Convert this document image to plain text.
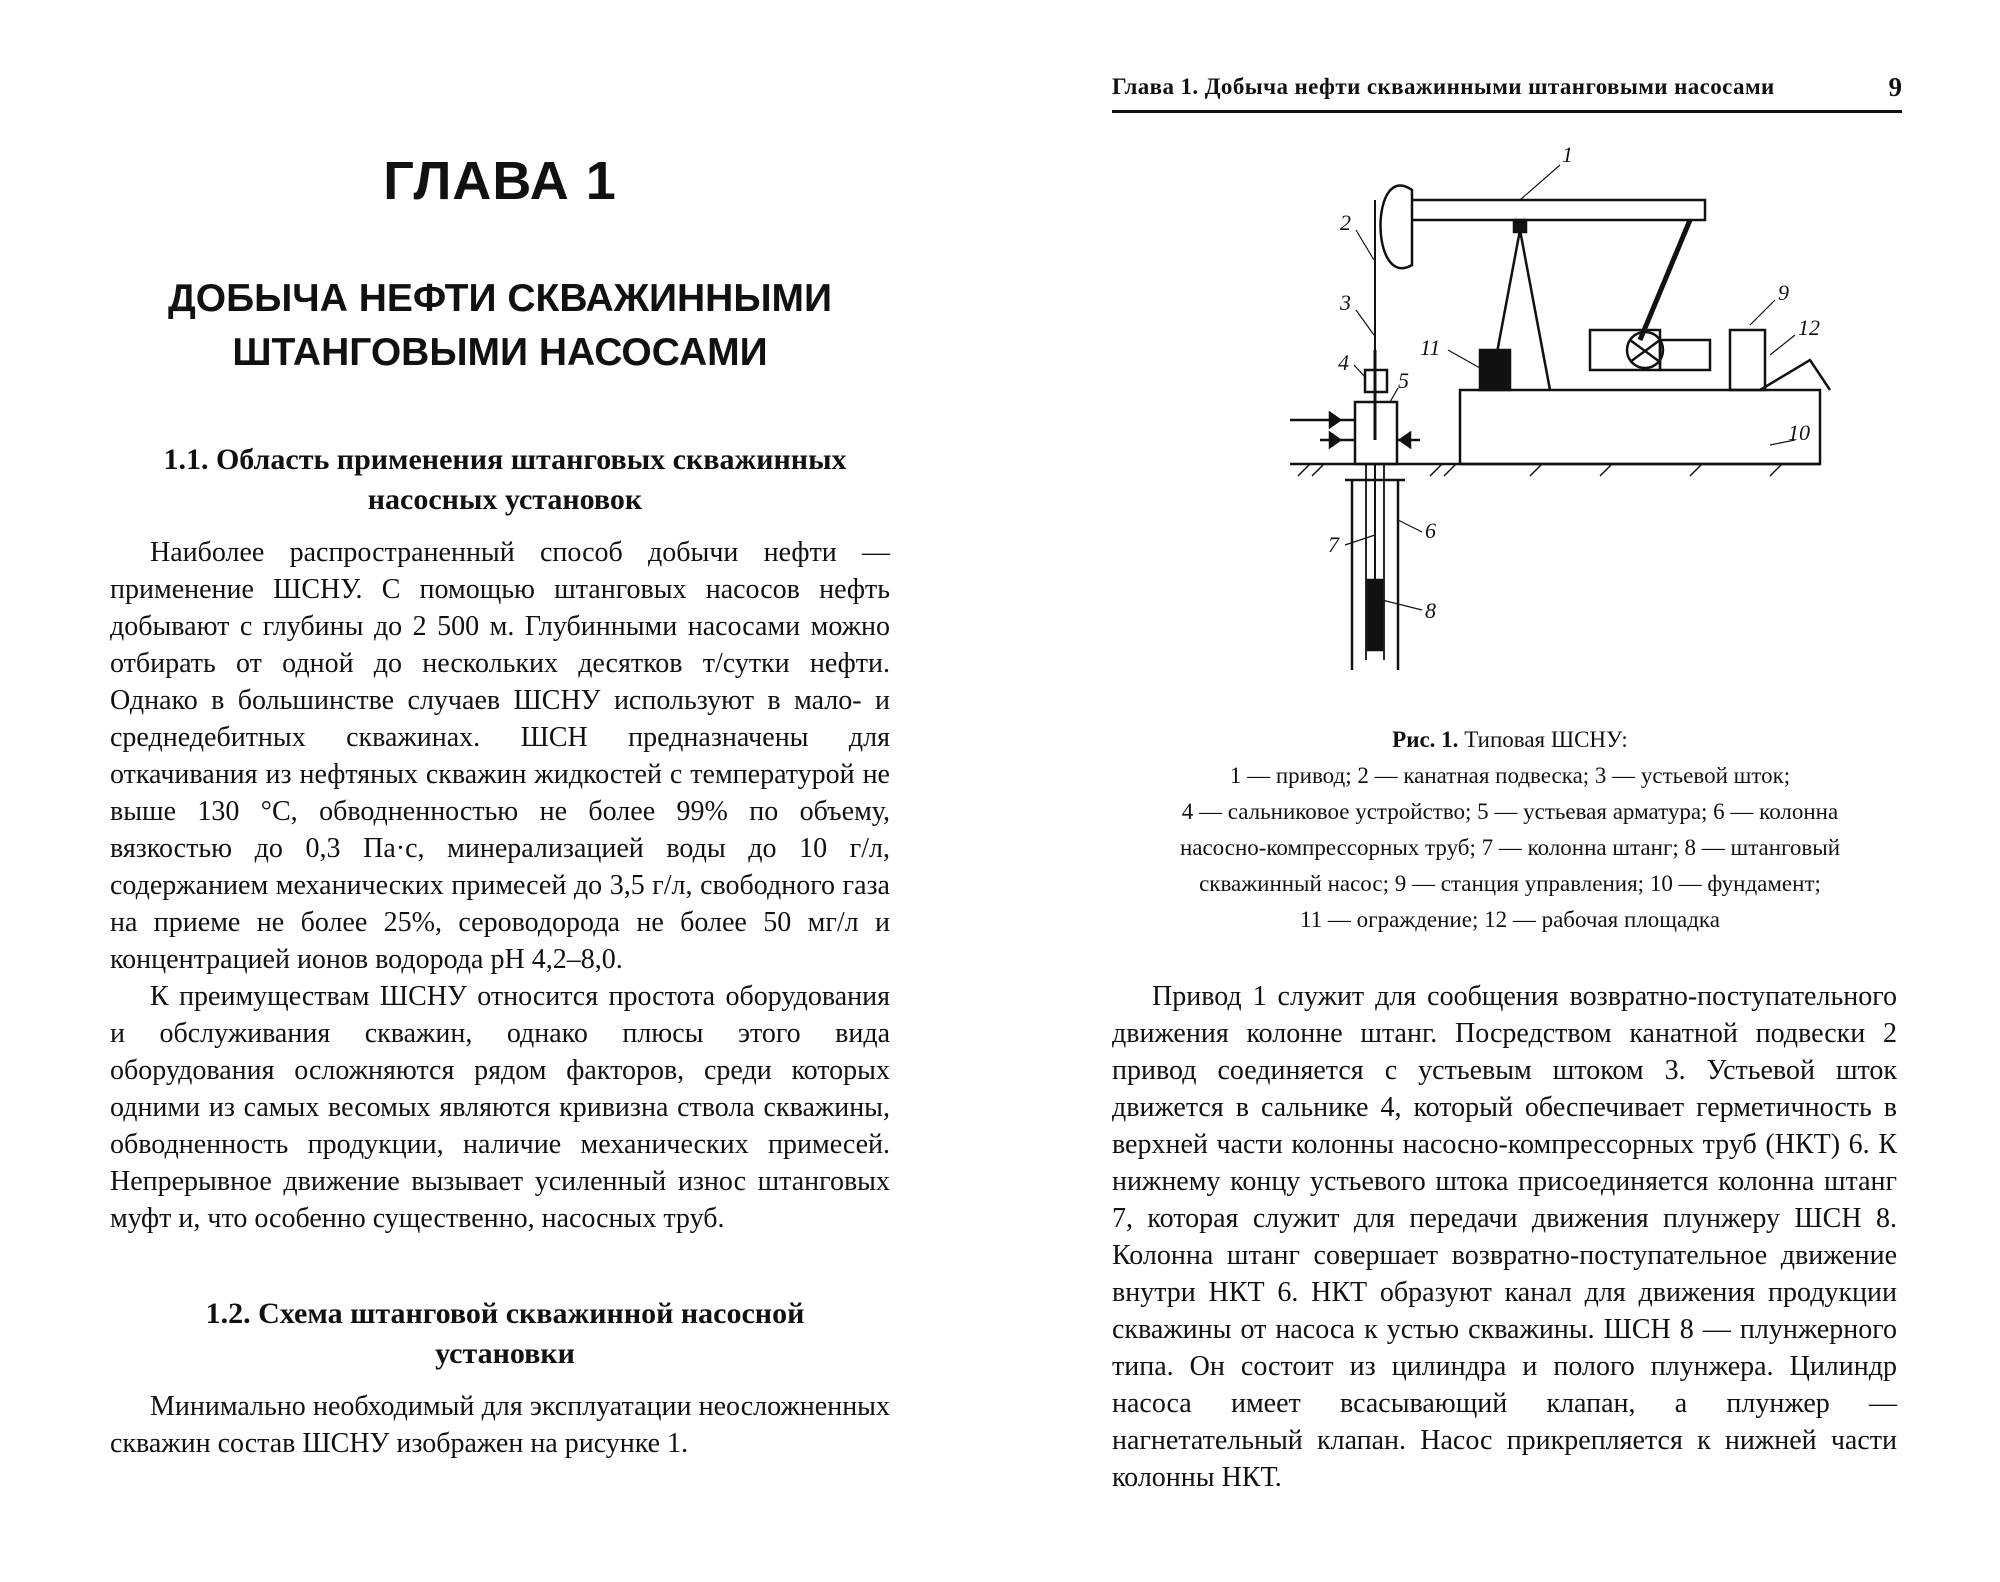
ГЛАВА 1
ДОБЫЧА НЕФТИ СКВАЖИННЫМИ
ШТАНГОВЫМИ НАСОСАМИ
1.1. Область применения штанговых скважинных
насосных установок
Наиболее распространенный способ добычи нефти — применение ШСНУ. С помощью штанговых насосов нефть добывают с глубины до 2 500 м. Глубинными насосами можно отбирать от одной до нескольких десятков т/сутки нефти. Однако в большинстве случаев ШСНУ используют в мало- и среднедебитных скважинах. ШСН предназначены для откачивания из нефтяных скважин жидкостей с температурой не выше 130 °С, обводненностью не более 99% по объему, вязкостью до 0,3 Па·с, минерализацией воды до 10 г/л, содержанием механических примесей до 3,5 г/л, свободного газа на приеме не более 25%, сероводорода не более 50 мг/л и концентрацией ионов водорода pH 4,2–8,0.
К преимуществам ШСНУ относится простота оборудования и обслуживания скважин, однако плюсы этого вида оборудования осложняются рядом факторов, среди которых одними из самых весомых являются кривизна ствола скважины, обводненность продукции, наличие механических примесей. Непрерывное движение вызывает усиленный износ штанговых муфт и, что особенно существенно, насосных труб.
1.2. Схема штанговой скважинной насосной
установки
Минимально необходимый для эксплуатации неосложненных скважин состав ШСНУ изображен на рисунке 1.
Глава 1. Добыча нефти скважинными штанговыми насосами	9
1
2
3
4
5
6
7
8
9
10
11
12
Рис. 1. Типовая ШСНУ:
1 — привод; 2 — канатная подвеска; 3 — устьевой шток;
4 — сальниковое устройство; 5 — устьевая арматура; 6 — колонна
насосно-компрессорных труб; 7 — колонна штанг; 8 — штанговый
скважинный насос; 9 — станция управления; 10 — фундамент;
11 — ограждение; 12 — рабочая площадка
Привод 1 служит для сообщения возвратно-поступательного движения колонне штанг. Посредством канатной подвески 2 привод соединяется с устьевым штоком 3. Устьевой шток движется в сальнике 4, который обеспечивает герметичность в верхней части колонны насосно-компрессорных труб (НКТ) 6. К нижнему концу устьевого штока присоединяется колонна штанг 7, которая служит для передачи движения плунжеру ШСН 8. Колонна штанг совершает возвратно-поступательное движение внутри НКТ 6. НКТ образуют канал для движения продукции скважины от насоса к устью скважины. ШСН 8 — плунжерного типа. Он состоит из цилиндра и полого плунжера. Цилиндр насоса имеет всасывающий клапан, а плунжер — нагнетательный клапан. Насос прикрепляется к нижней части колонны НКТ.
